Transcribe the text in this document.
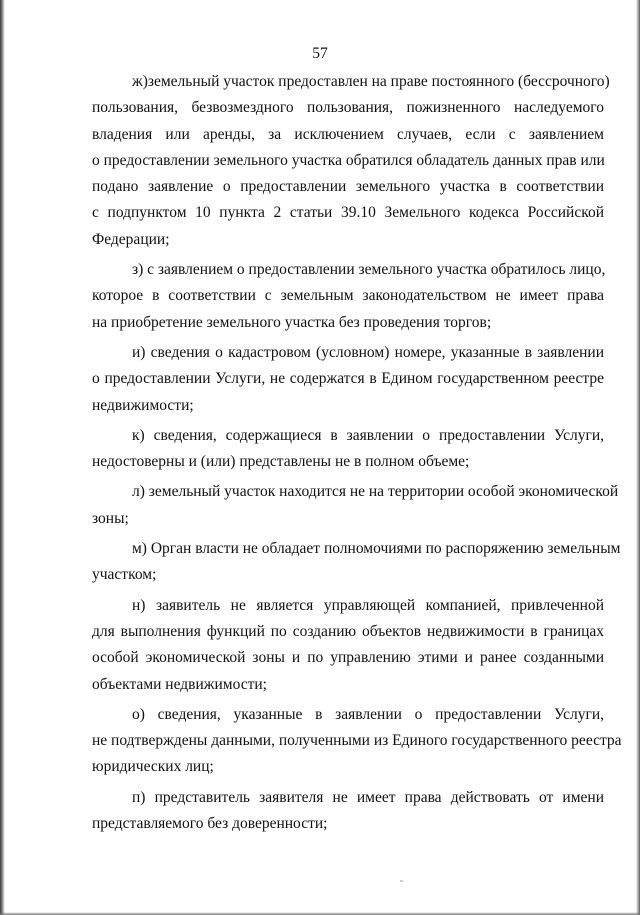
57

ж)земельный участок предоставлен на праве постоянного (бессрочного)
пользования, безвозмездного пользования, пожизненного наследуемого
владения или аренды, за исключением случаев, если с заявлением
о предоставлении земельного участка обратился обладатель данных прав или
подано заявление о предоставлении земельного участка в соответствии
с подпунктом 10 пункта 2 статьи 39.10 Земельного кодекса Российской
Федерации;

з) с заявлением о предоставлении земельного участка обратилось лицо,
которое в соответствии с земельным законодательством не имеет права
на приобретение земельного участка без проведения торгов;

и) сведения о кадастровом (условном) номере, указанные в заявлении
о предоставлении Услуги, не содержатся в Едином государственном реестре
недвижимости;

к) сведения, содержащиеся в заявлении о предоставлении Услуги,
недостоверны и (или) представлены не в полном объеме;

л) земельный участок находится не на территории особой экономической
зоны;

м) Орган власти не обладает полномочиями по распоряжению земельным
участком;

н) заявитель не является управляющей компанией, привлеченной
для выполнения функций по созданию объектов недвижимости в границах
особой экономической зоны и по управлению этими и ранее созданными
объектами недвижимости;

о) сведения, указанные в заявлении о предоставлении Услуги,
не подтверждены данными, полученными из Единого государственного реестра
юридических лиц;

п) представитель заявителя не имеет права действовать от имени
представляемого без доверенности;
